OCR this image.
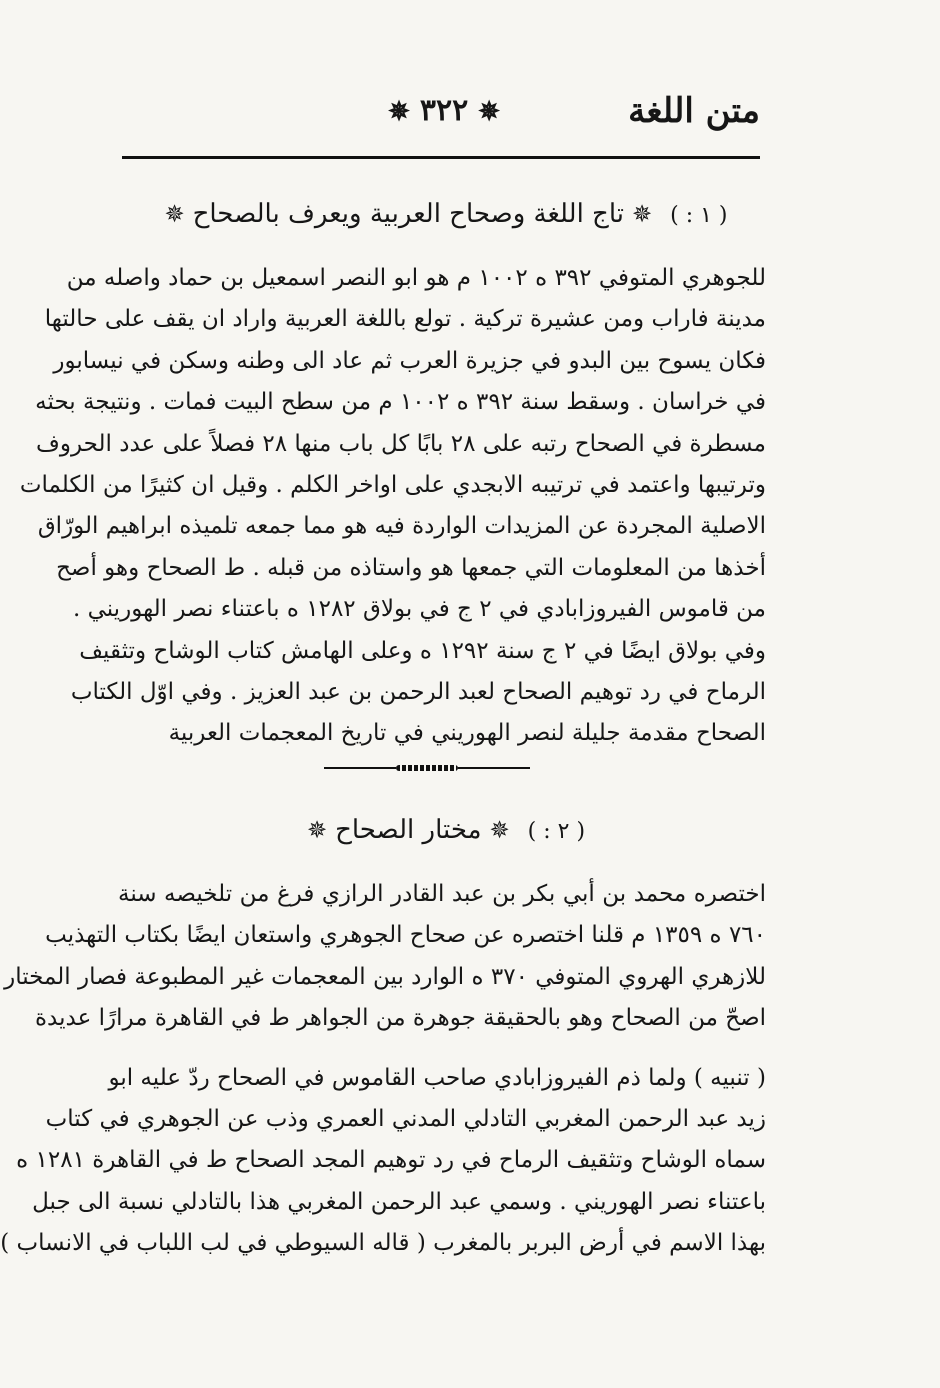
متن اللغة
✵٣٢٢✵
( ١ : )✵تاج اللغة وصحاح العربية ويعرف بالصحاح✵
للجوهري المتوفي ٣٩٢ ه ١٠٠٢ م هو ابو النصر اسمعيل بن حماد واصله من
مدينة فاراب ومن عشيرة تركية . تولع باللغة العربية واراد ان يقف على حالتها
فكان يسوح بين البدو في جزيرة العرب ثم عاد الى وطنه وسكن في نيسابور
في خراسان . وسقط سنة ٣٩٢ ه ١٠٠٢ م من سطح البيت فمات . ونتيجة بحثه
مسطرة في الصحاح رتبه على ٢٨ بابًا كل باب منها ٢٨ فصلاً على عدد الحروف
وترتيبها واعتمد في ترتيبه الابجدي على اواخر الكلم . وقيل ان كثيرًا من الكلمات
الاصلية المجردة عن المزيدات الواردة فيه هو مما جمعه تلميذه ابراهيم الورّاق
أخذها من المعلومات التي جمعها هو واستاذه من قبله . ط الصحاح وهو أصح
من قاموس الفيروزابادي في ٢ ج في بولاق ١٢٨٢ ه باعتناء نصر الهوريني .
وفي بولاق ايضًا في ٢ ج سنة ١٢٩٢ ه وعلى الهامش كتاب الوشاح وتثقيف
الرماح في رد توهيم الصحاح لعبد الرحمن بن عبد العزيز . وفي اوّل الكتاب
الصحاح مقدمة جليلة لنصر الهوريني في تاريخ المعجمات العربية
( ٢ : )✵مختار الصحاح✵
اختصره محمد بن أبي بكر بن عبد القادر الرازي فرغ من تلخيصه سنة
٧٦٠ ه ١٣٥٩ م قلنا اختصره عن صحاح الجوهري واستعان ايضًا بكتاب التهذيب
للازهري الهروي المتوفي ٣٧٠ ه الوارد بين المعجمات غير المطبوعة فصار المختار
اصحّ من الصحاح وهو بالحقيقة جوهرة من الجواهر ط في القاهرة مرارًا عديدة
( تنبيه ) ولما ذم الفيروزابادي صاحب القاموس في الصحاح ردّ عليه ابو
زيد عبد الرحمن المغربي التادلي المدني العمري وذب عن الجوهري في كتاب
سماه الوشاح وتثقيف الرماح في رد توهيم المجد الصحاح ط في القاهرة ١٢٨١ ه
باعتناء نصر الهوريني . وسمي عبد الرحمن المغربي هذا بالتادلي نسبة الى جبل
بهذا الاسم في أرض البربر بالمغرب ( قاله السيوطي في لب اللباب في الانساب )
